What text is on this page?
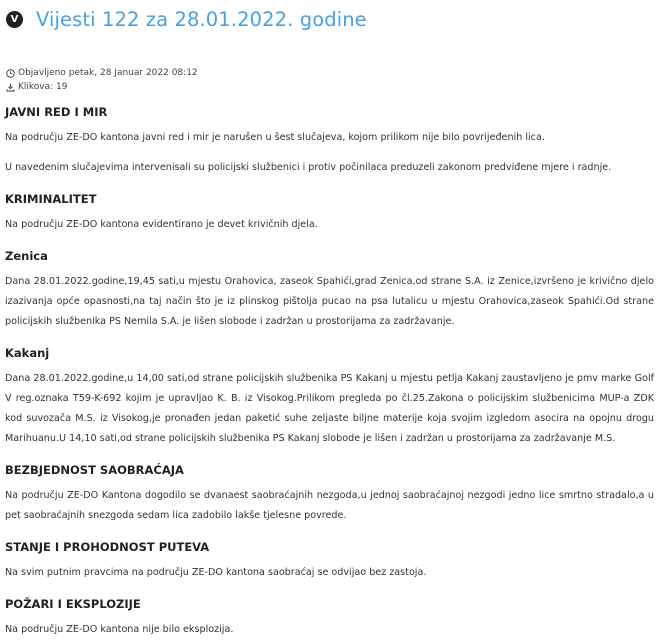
V Vijesti 122 za 28.01.2022. godine
Objavljeno petak, 28 Januar 2022 08:12
Klikova: 19
JAVNI RED I MIR

Na području ZE-DO kantona javni red i mir je narušen u šest slučajeva, kojom prilikom nije bilo povrijeđenih lica.

U navedenim slučajevima intervenisali su policijski službenici i protiv počinilaca preduzeli zakonom predviđene mjere i radnje.

KRIMINALITET

Na području ZE-DO kantona evidentirano je devet krivičnih djela.

Zenica

Dana 28.01.2022.godine,19,45 sati,u mjestu Orahovica, zaseok Spahići,grad Zenica,od strane S.A. iz Zenice,izvršeno je krivično djelo izazivanja opće opasnosti,na taj način što je iz plinskog pištolja pucao na psa lutalicu u mjestu Orahovica,zaseok Spahići.Od strane policijskih službenika PS Nemila S.A. je lišen slobode i zadržan u prostorijama za zadržavanje.

Kakanj

Dana 28.01.2022.godine,u 14,00 sati,od strane policijskih službenika PS Kakanj u mjestu petlja Kakanj zaustavljeno je pmv marke Golf V reg.oznaka T59-K-692 kojim je upravljao K. B. iz Visokog.Prilikom pregleda po čl.25.Zakona o policijskim službenicima MUP-a ZDK kod suvozača M.S. iz Visokog,je pronađen jedan paketić suhe zeljaste biljne materije koja svojim izgledom asocira na opojnu drogu Marihuanu.U 14,10 sati,od strane policijskih službenika PS Kakanj slobode je lišen i zadržan u prostorijama za zadržavanje M.S.

BEZBJEDNOST SAOBRAĆAJA

Na području ZE-DO Kantona dogodilo se dvanaest saobraćajnih nezgoda,u jednoj saobraćajnoj nezgodi jedno lice smrtno stradalo,a u pet saobraćajnih snezgoda sedam lica zadobilo lakše tjelesne povrede.

STANJE I PROHODNOST PUTEVA

Na svim putnim pravcima na području ZE-DO kantona saobraćaj se odvijao bez zastoja.

POŽARI I EKSPLOZIJE

Na području ZE-DO kantona nije bilo eksplozija.
